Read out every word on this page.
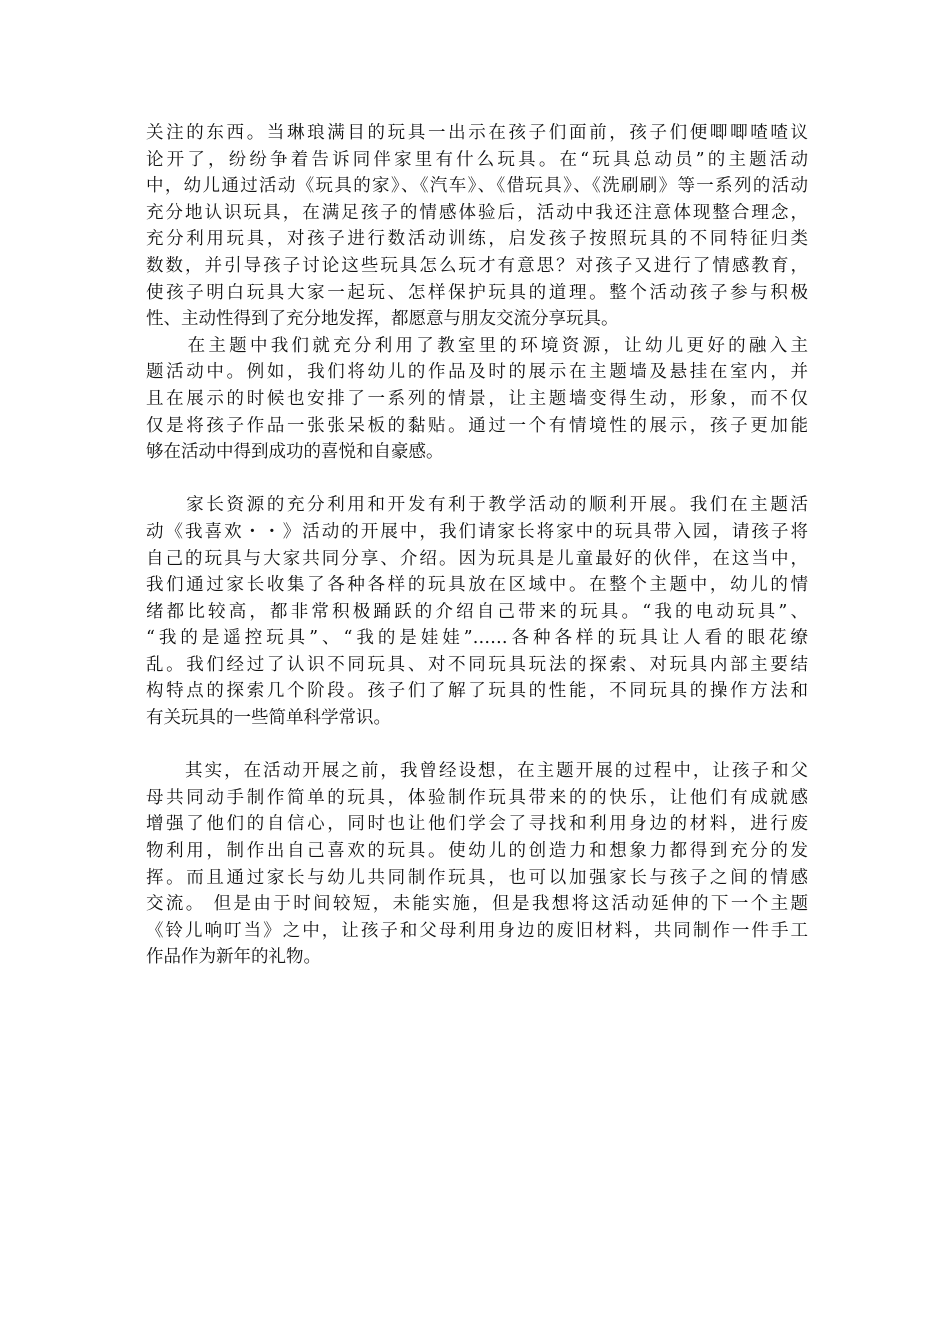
关注的东西。当琳琅满目的玩具一出示在孩子们面前，孩子们便唧唧喳喳议
论开了，纷纷争着告诉同伴家里有什么玩具。在“玩具总动员”的主题活动
中，幼儿通过活动《玩具的家》、《汽车》、《借玩具》、《洗刷刷》等一系列的活动
充分地认识玩具，在满足孩子的情感体验后，活动中我还注意体现整合理念，
充分利用玩具，对孩子进行数活动训练，启发孩子按照玩具的不同特征归类
数数，并引导孩子讨论这些玩具怎么玩才有意思？对孩子又进行了情感教育，
使孩子明白玩具大家一起玩、怎样保护玩具的道理。整个活动孩子参与积极
性、主动性得到了充分地发挥，都愿意与朋友交流分享玩具。
　　在主题中我们就充分利用了教室里的环境资源，让幼儿更好的融入主
题活动中。例如，我们将幼儿的作品及时的展示在主题墙及悬挂在室内，并
且在展示的时候也安排了一系列的情景，让主题墙变得生动，形象，而不仅
仅是将孩子作品一张张呆板的黏贴。通过一个有情境性的展示，孩子更加能
够在活动中得到成功的喜悦和自豪感。
　　家长资源的充分利用和开发有利于教学活动的顺利开展。我们在主题活
动《我喜欢・・》活动的开展中，我们请家长将家中的玩具带入园，请孩子将
自己的玩具与大家共同分享、介绍。因为玩具是儿童最好的伙伴，在这当中，
我们通过家长收集了各种各样的玩具放在区域中。在整个主题中，幼儿的情
绪都比较高，都非常积极踊跃的介绍自己带来的玩具。“我的电动玩具”、
“我的是遥控玩具”、“我的是娃娃”……各种各样的玩具让人看的眼花缭
乱。我们经过了认识不同玩具、对不同玩具玩法的探索、对玩具内部主要结
构特点的探索几个阶段。孩子们了解了玩具的性能，不同玩具的操作方法和
有关玩具的一些简单科学常识。
　　其实，在活动开展之前，我曾经设想，在主题开展的过程中，让孩子和父
母共同动手制作简单的玩具，体验制作玩具带来的的快乐，让他们有成就感
增强了他们的自信心，同时也让他们学会了寻找和利用身边的材料，进行废
物利用，制作出自己喜欢的玩具。使幼儿的创造力和想象力都得到充分的发
挥。而且通过家长与幼儿共同制作玩具，也可以加强家长与孩子之间的情感
交流。 但是由于时间较短，未能实施，但是我想将这活动延伸的下一个主题
《铃儿响叮当》之中，让孩子和父母利用身边的废旧材料，共同制作一件手工
作品作为新年的礼物。
